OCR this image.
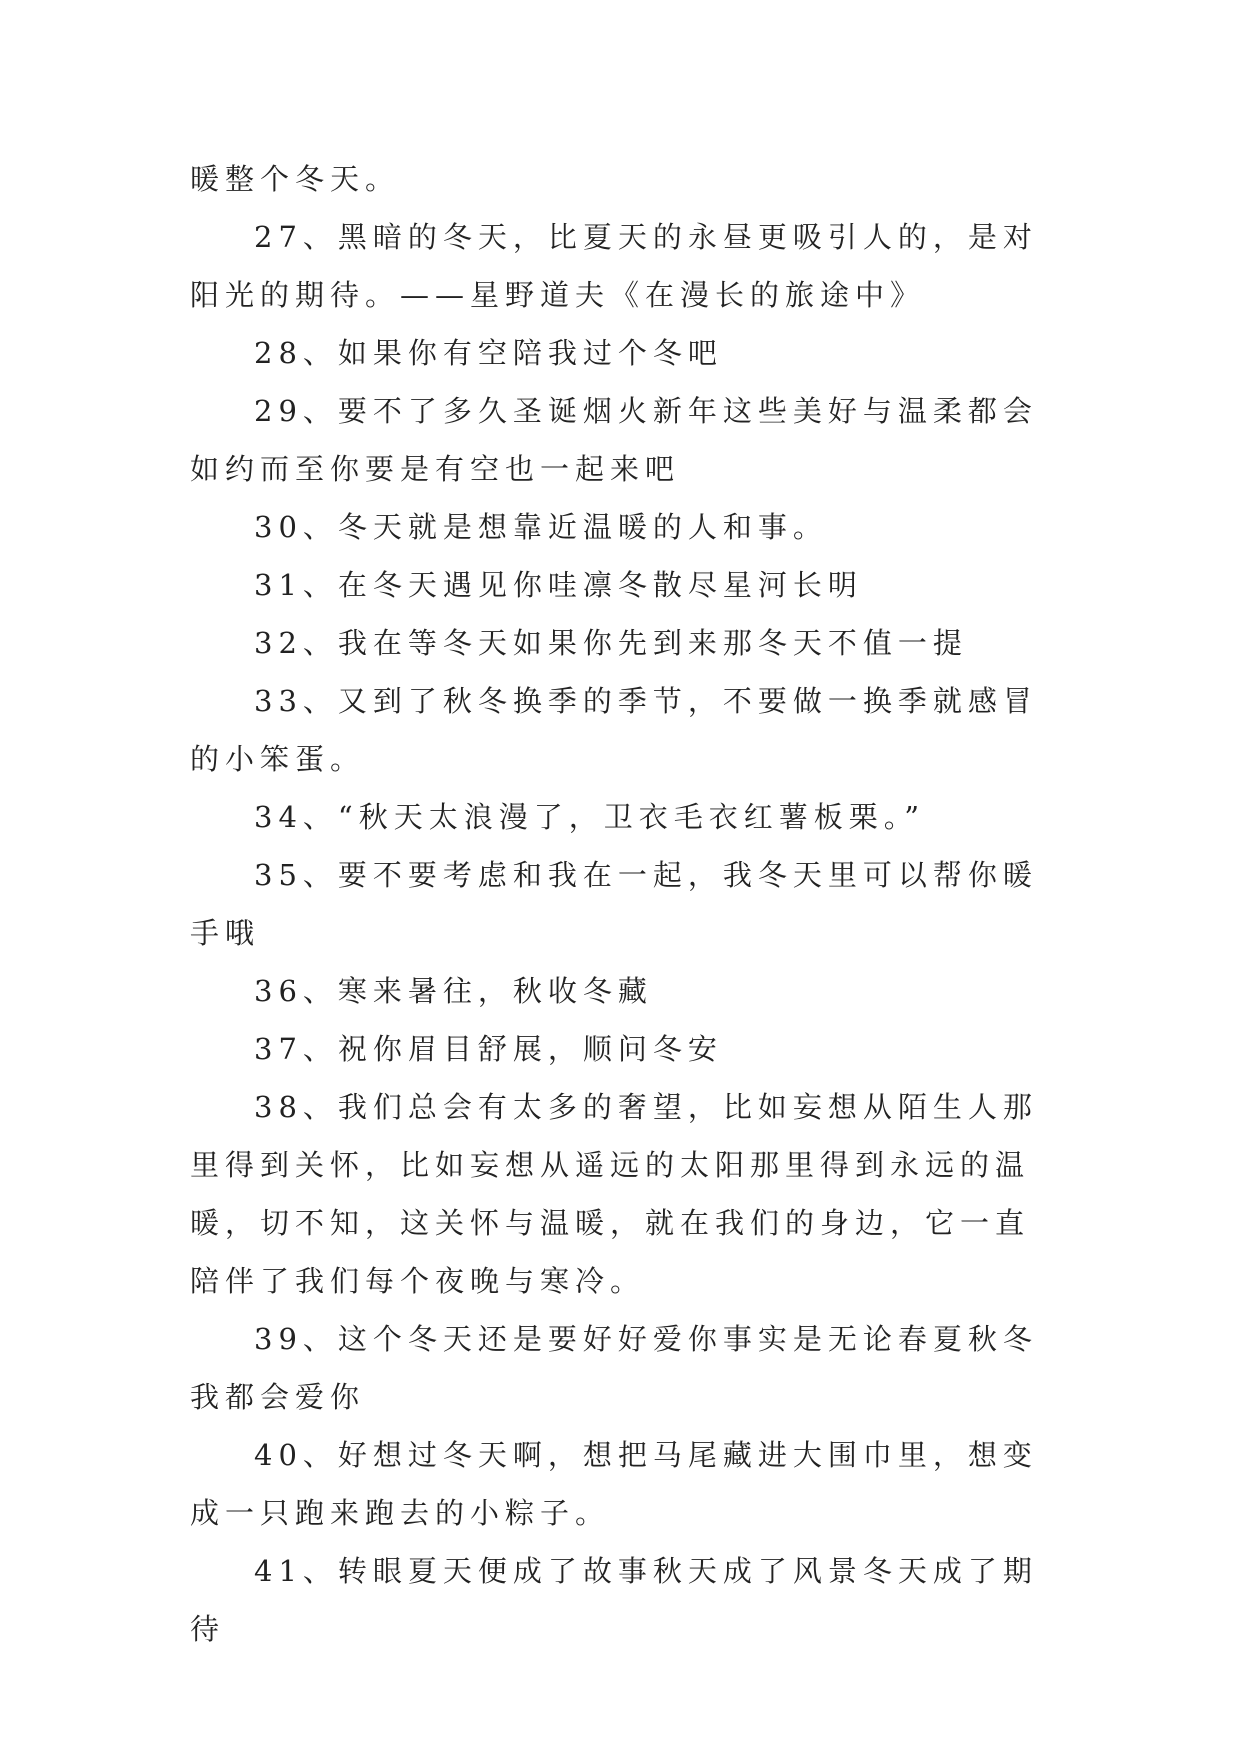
暖整个冬天。

27、黑暗的冬天，比夏天的永昼更吸引人的，是对阳光的期待。——星野道夫《在漫长的旅途中》

28、如果你有空陪我过个冬吧

29、要不了多久圣诞烟火新年这些美好与温柔都会如约而至你要是有空也一起来吧

30、冬天就是想靠近温暖的人和事。

31、在冬天遇见你哇凛冬散尽星河长明

32、我在等冬天如果你先到来那冬天不值一提

33、又到了秋冬换季的季节，不要做一换季就感冒的小笨蛋。

34、“秋天太浪漫了，卫衣毛衣红薯板栗。”

35、要不要考虑和我在一起，我冬天里可以帮你暖手哦

36、寒来暑往，秋收冬藏

37、祝你眉目舒展，顺问冬安

38、我们总会有太多的奢望，比如妄想从陌生人那里得到关怀，比如妄想从遥远的太阳那里得到永远的温暖，切不知，这关怀与温暖，就在我们的身边，它一直陪伴了我们每个夜晚与寒冷。

39、这个冬天还是要好好爱你事实是无论春夏秋冬我都会爱你

40、好想过冬天啊，想把马尾藏进大围巾里，想变成一只跑来跑去的小粽子。

41、转眼夏天便成了故事秋天成了风景冬天成了期待
